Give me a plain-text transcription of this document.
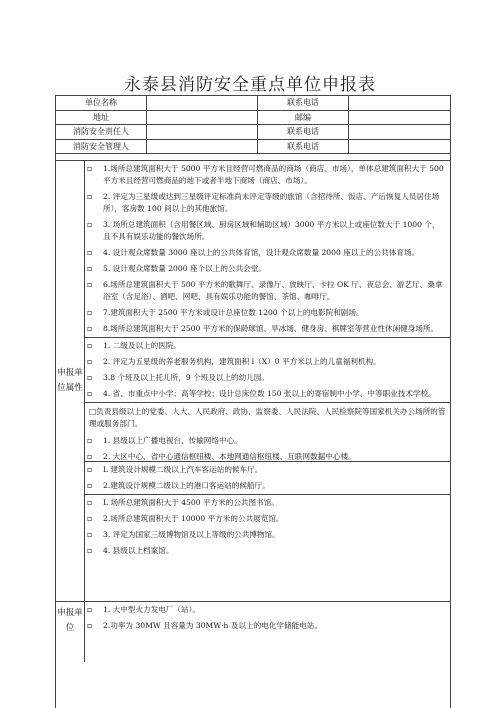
永泰县消防安全重点单位申报表
单位名称	联系电话
地址	邮编
消防安全责任人	联系电话
消防安全管理人	联系电话
申报单位属性
▫	1.场所总建筑面积大于 5000 平方米且经营可燃商品的商场（商店、市场），单体总建筑面积大于 500 平方米且经营可燃商品的地下或者半地下商场（商店、市场）。
▫	2. 评定为三星级或达到三星级评定标准尚未评定等级的旅馆（含招待所、饭店、产后恢复人员居住场所），客房数 100 间以上的其他旅馆。
▫	3. 场所总建筑面积（含用餐区域、厨房区域和辅助区域）3000 平方米以上或座位数大于 1000 个，且不具有娱乐功能的餐饮场所。
▫	4. 设计观众席数量 3000 座以上的公共体育馆，设计观众席数量 2000 座以上的公共体育场。
▫	5. 设计观众席数量 2000 座个以上的公共会堂。
▫	6.场所总建筑面积大于 500 平方米的歌舞厅、录像厅、放映厅、卡拉 OK 厅、夜总会、游艺厅、桑拿浴室（含足浴）、酒吧、网吧、具有娱乐功能的餐馆、茶馆、咖啡厅。
▫	7.建筑面积大于 2500 平方米或设计总座位数 1200 个以上的电影院和剧场。
▫	8.场所总建筑面积大于 2500 平方米的保龄球馆、旱冰场、健身房、棋牌室等营业性休闲健身场所。
▫	1. 二级及以上的医院。
▫	2. 评定为五星级的养老服务机构，建筑面积 l（X）0 平方米以上的儿童福利机构。
▫	3.8 个班及以上托儿所，9 个班及以上的幼儿园。
▫	4. 省、市重点中小学；高等学校；设计总床位数 150 张以上的寄宿制中小学、中等职业技术学校。
□负责县级以上的党委、人大、人民政府、政协、监察委、人民法院、人民检察院等国家机关办公场所的管理或服务部门。
▫	1. 县级以上广播电视台、传输网络中心。
▫	2. 大区中心、省中心通信枢纽楼、本地网通信枢纽楼、互联网数据中心楼。
▫	L 建筑设计规模二级以上汽车客运站的候车厅。
▫	2.建筑设计规模二级以上的港口客运站的候船厅。
▫	L 场所总建筑面积大于 4500 平方米的公共图书馆。
▫	2.场所总建筑面积大于 10000 平方米的公共展览馆。
▫	3. 评定为国家三级博物馆及以上等级的公共博物馆。
▫	4. 县级以上档案馆。
申报单位
▫	1. 大中型火力发电厂（站）。
▫	2.功率为 30MW 且容量为 30MW·h 及以上的电化学储能电站。
